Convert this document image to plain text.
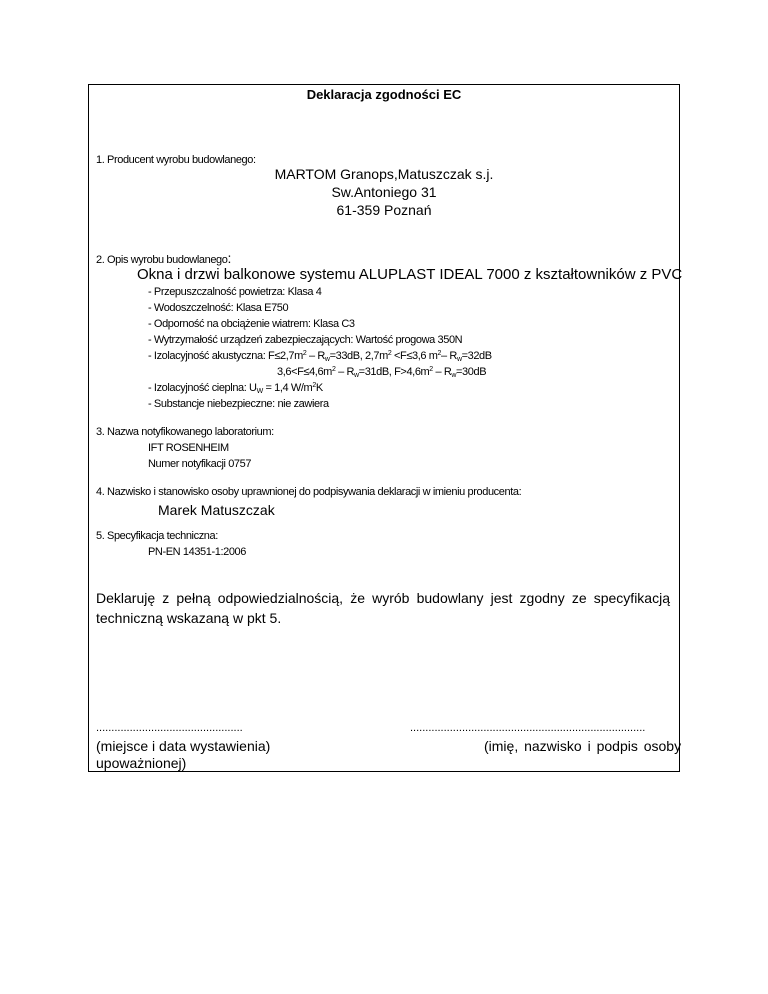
Deklaracja zgodności EC
1. Producent wyrobu budowlanego:
MARTOM Granops,Matuszczak s.j.
Sw.Antoniego 31
61-359 Poznań
2. Opis wyrobu budowlanego:
Okna i drzwi balkonowe systemu ALUPLAST IDEAL 7000 z kształtowników z PVC
- Przepuszczalność powietrza: Klasa 4
- Wodoszczelność: Klasa E750
- Odporność na obciążenie wiatrem: Klasa C3
- Wytrzymałość urządzeń zabezpieczających: Wartość progowa 350N
- Izolacyjność akustyczna: $F\le 2,7m^2 - R_w=33dB$, $2,7m^2 <F\le 3,6$ $m^2-$ $R_w=32dB$
$3,6<F\le 4,6m^2 - R_w=31dB$, $F>4,6m^2 - R_w=30dB$
- Izolacyjność cieplna: $U_W = 1,4$ $W/m^2K$
- Substancje niebezpieczne: nie zawiera
3. Nazwa notyfikowanego laboratorium:
IFT ROSENHEIM
Numer notyfikacji 0757
4. Nazwisko i stanowisko osoby uprawnionej do podpisywania deklaracji w imieniu producenta:
Marek Matuszczak
5. Specyfikacja techniczna:
PN-EN 14351-1:2006
Deklaruję z pełną odpowiedzialnością, że wyrób budowlany jest zgodny ze specyfikacją techniczną wskazaną w pkt 5.
................................................	.............................................................................
(miejsce i data wystawienia)	(imię, nazwisko i podpis osoby
upoważnionej)
